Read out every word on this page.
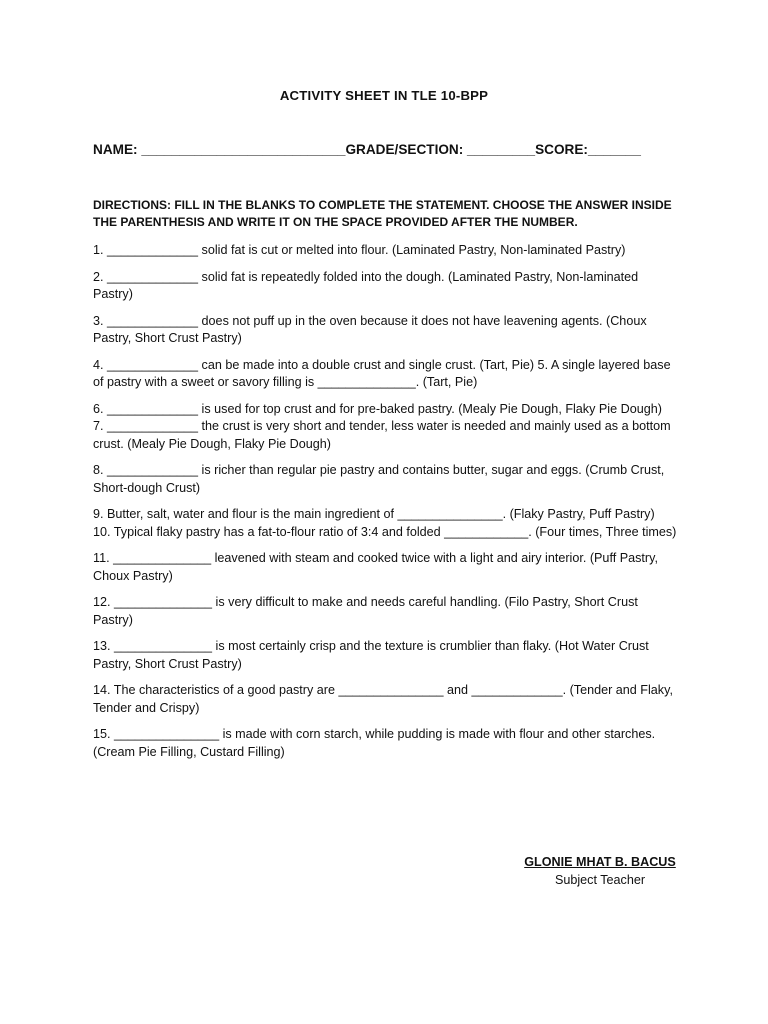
ACTIVITY SHEET IN TLE 10-BPP
NAME: ___________________________GRADE/SECTION: _________SCORE:_______
DIRECTIONS: FILL IN THE BLANKS TO COMPLETE THE STATEMENT. CHOOSE THE ANSWER INSIDE THE PARENTHESIS AND WRITE IT ON THE SPACE PROVIDED AFTER THE NUMBER.
1. _____________ solid fat is cut or melted into flour. (Laminated Pastry, Non-laminated Pastry)
2. _____________ solid fat is repeatedly folded into the dough. (Laminated Pastry, Non-laminated Pastry)
3. _____________ does not puff up in the oven because it does not have leavening agents. (Choux Pastry, Short Crust Pastry)
4. _____________ can be made into a double crust and single crust. (Tart, Pie) 5. A single layered base of pastry with a sweet or savory filling is ______________. (Tart, Pie)
6. _____________ is used for top crust and for pre-baked pastry. (Mealy Pie Dough, Flaky Pie Dough)
7. _____________ the crust is very short and tender, less water is needed and mainly used as a bottom crust. (Mealy Pie Dough, Flaky Pie Dough)
8. _____________ is richer than regular pie pastry and contains butter, sugar and eggs. (Crumb Crust, Short-dough Crust)
9. Butter, salt, water and flour is the main ingredient of _______________. (Flaky Pastry, Puff Pastry)
10. Typical flaky pastry has a fat-to-flour ratio of 3:4 and folded ____________. (Four times, Three times)
11. ______________ leavened with steam and cooked twice with a light and airy interior. (Puff Pastry, Choux Pastry)
12. ______________ is very difficult to make and needs careful handling. (Filo Pastry, Short Crust Pastry)
13. ______________ is most certainly crisp and the texture is crumblier than flaky. (Hot Water Crust Pastry, Short Crust Pastry)
14. The characteristics of a good pastry are _______________ and _____________. (Tender and Flaky, Tender and Crispy)
15. _______________ is made with corn starch, while pudding is made with flour and other starches. (Cream Pie Filling, Custard Filling)
GLONIE MHAT B. BACUS
Subject Teacher
